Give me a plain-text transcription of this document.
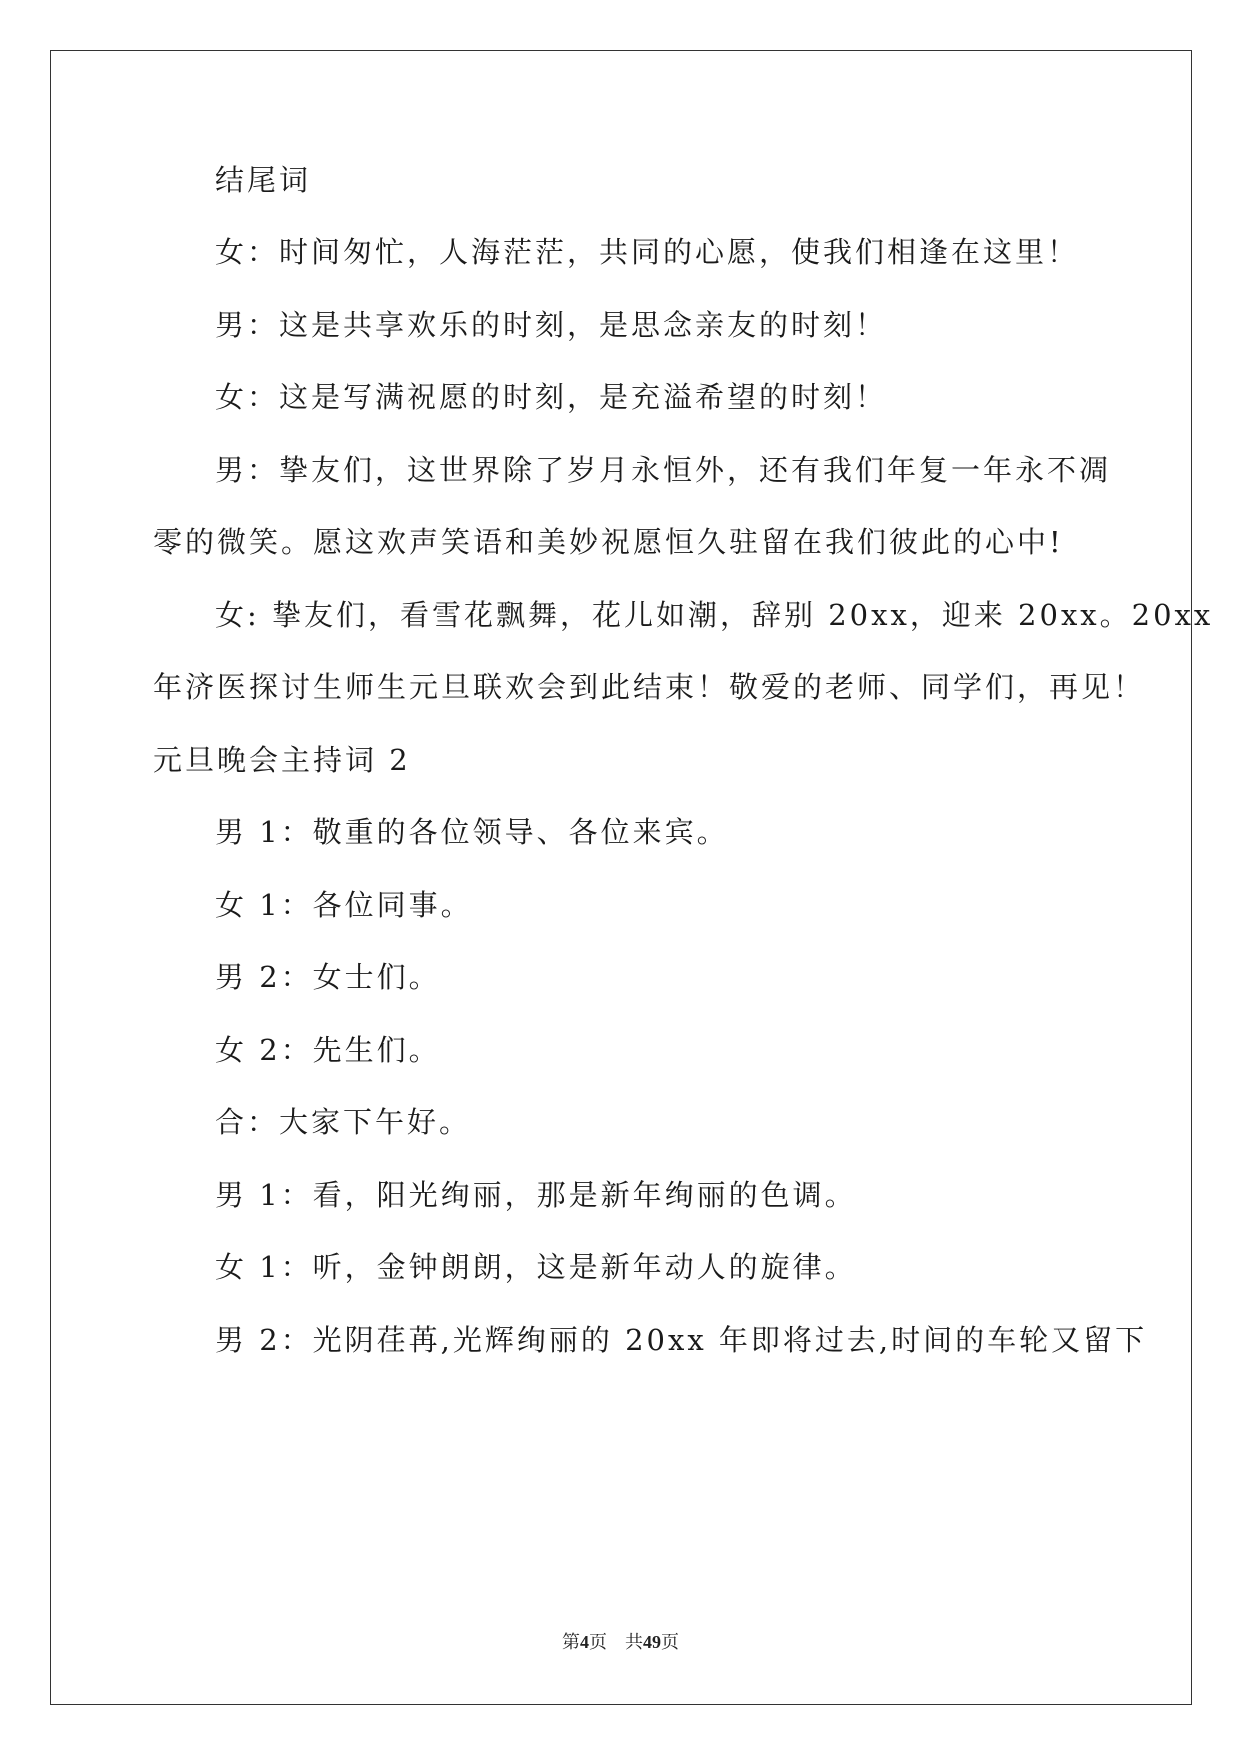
结尾词
女：时间匆忙，人海茫茫，共同的心愿，使我们相逢在这里！
男：这是共享欢乐的时刻，是思念亲友的时刻！
女：这是写满祝愿的时刻，是充溢希望的时刻！
男：挚友们，这世界除了岁月永恒外，还有我们年复一年永不凋
零的微笑。愿这欢声笑语和美妙祝愿恒久驻留在我们彼此的心中!
女: 挚友们，看雪花飘舞，花儿如潮，辞别 20xx，迎来 20xx。20xx
年济医探讨生师生元旦联欢会到此结束！敬爱的老师、同学们，再见！
元旦晚会主持词 2
男 1：敬重的各位领导、各位来宾。
女 1：各位同事。
男 2：女士们。
女 2：先生们。
合：大家下午好。
男 1：看，阳光绚丽，那是新年绚丽的色调。
女 1：听，金钟朗朗，这是新年动人的旋律。
男 2：光阴荏苒,光辉绚丽的 20xx 年即将过去,时间的车轮又留下
第4页 共49页
